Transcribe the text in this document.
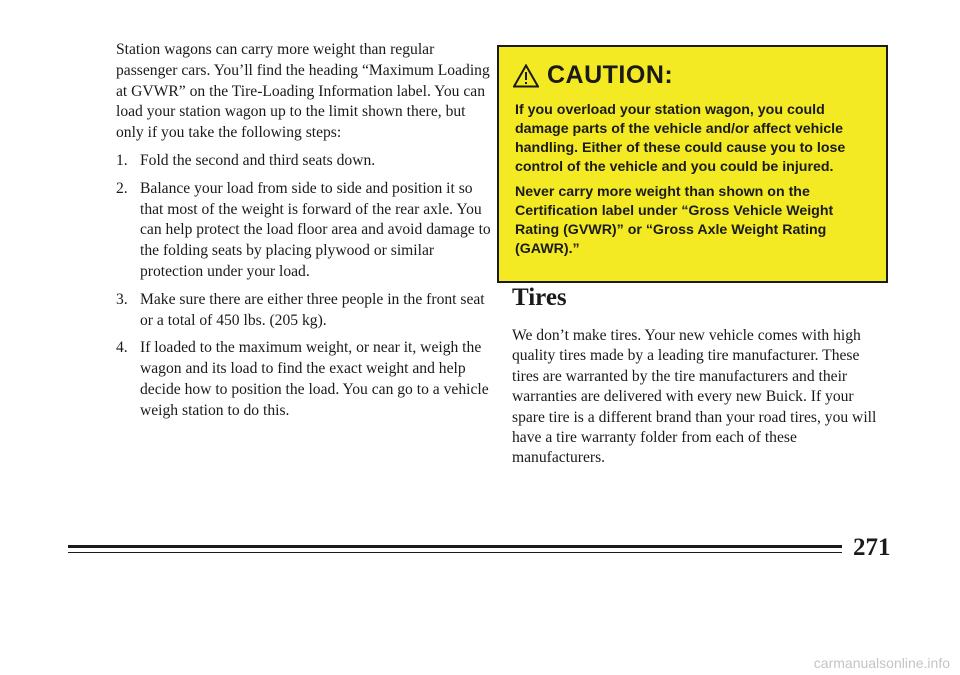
Station wagons can carry more weight than regular passenger cars. You’ll find the heading “Maximum Loading at GVWR” on the Tire-Loading Information label. You can load your station wagon up to the limit shown there, but only if you take the following steps:

1. Fold the second and third seats down.
2. Balance your load from side to side and position it so that most of the weight is forward of the rear axle. You can help protect the load floor area and avoid damage to the folding seats by placing plywood or similar protection under your load.
3. Make sure there are either three people in the front seat or a total of 450 lbs. (205 kg).
4. If loaded to the maximum weight, or near it, weigh the wagon and its load to find the exact weight and help decide how to position the load. You can go to a vehicle weigh station to do this.
CAUTION:

If you overload your station wagon, you could damage parts of the vehicle and/or affect vehicle handling. Either of these could cause you to lose control of the vehicle and you could be injured.

Never carry more weight than shown on the Certification label under “Gross Vehicle Weight Rating (GVWR)” or “Gross Axle Weight Rating (GAWR).”

Tires

We don’t make tires. Your new vehicle comes with high quality tires made by a leading tire manufacturer. These tires are warranted by the tire manufacturers and their warranties are delivered with every new Buick. If your spare tire is a different brand than your road tires, you will have a tire warranty folder from each of these manufacturers.

271
carmanualsonline.info
